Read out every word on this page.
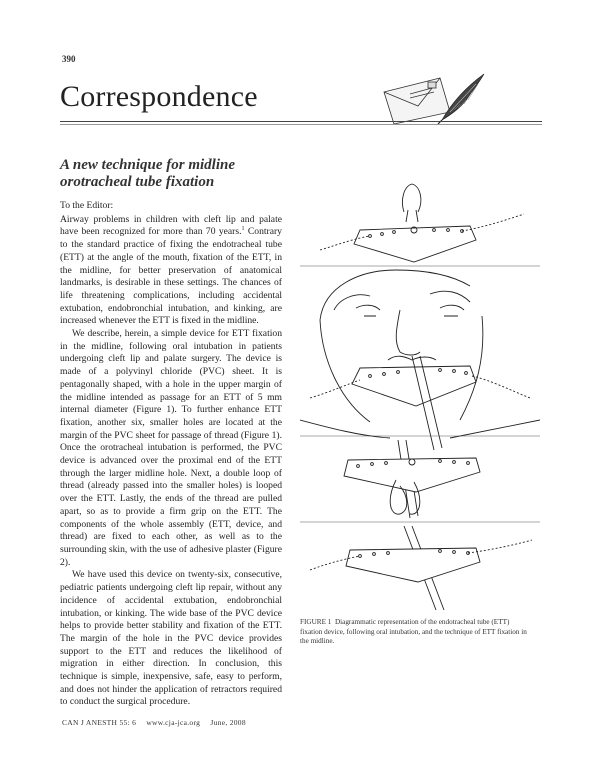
390
Correspondence
A new technique for midline
orotracheal tube fixation

To the Editor:

Airway problems in children with cleft lip and palate have been recognized for more than 70 years.$^1$ Contrary to the standard practice of fixing the endotracheal tube (ETT) at the angle of the mouth, fixation of the ETT, in the midline, for better preservation of anatomical landmarks, is desirable in these settings. The chances of life threatening complications, including accidental extubation, endobronchial intubation, and kinking, are increased whenever the ETT is fixed in the midline.

We describe, herein, a simple device for ETT fixation in the midline, following oral intubation in patients undergoing cleft lip and palate surgery. The device is made of a polyvinyl chloride (PVC) sheet. It is pentagonally shaped, with a hole in the upper margin of the midline intended as passage for an ETT of 5 mm internal diameter (Figure 1). To further enhance ETT fixation, another six, smaller holes are located at the margin of the PVC sheet for passage of thread (Figure 1). Once the orotracheal intubation is performed, the PVC device is advanced over the proximal end of the ETT through the larger midline hole. Next, a double loop of thread (already passed into the smaller holes) is looped over the ETT. Lastly, the ends of the thread are pulled apart, so as to provide a firm grip on the ETT. The components of the whole assembly (ETT, device, and thread) are fixed to each other, as well as to the surrounding skin, with the use of adhesive plaster (Figure 2).

We have used this device on twenty-six, consecutive, pediatric patients undergoing cleft lip repair, without any incidence of accidental extubation, endobronchial intubation, or kinking. The wide base of the PVC device helps to provide better stability and fixation of the ETT. The margin of the hole in the PVC device provides support to the ETT and reduces the likelihood of migration in either direction. In conclusion, this technique is simple, inexpensive, safe, easy to perform, and does not hinder the application of retractors required to conduct the surgical procedure.

FIGURE 1 Diagrammatic representation of the endotracheal tube (ETT) fixation device, following oral intubation, and the technique of ETT fixation in the midline.
CAN J ANESTH 55: 6 www.cja-jca.org June, 2008
